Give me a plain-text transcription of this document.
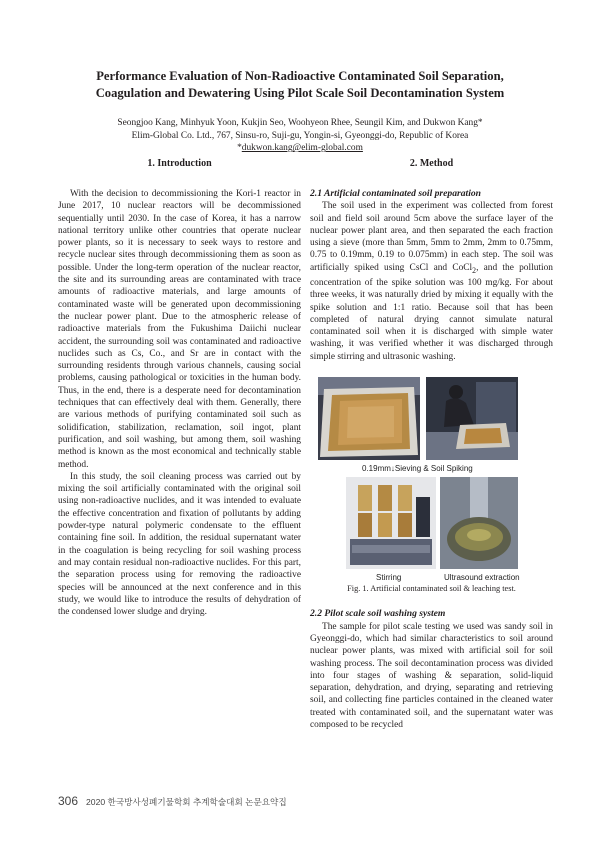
Performance Evaluation of Non-Radioactive Contaminated Soil Separation,
Coagulation and Dewatering Using Pilot Scale Soil Decontamination System
Seongjoo Kang, Minhyuk Yoon, Kukjin Seo, Woohyeon Rhee, Seungil Kim, and Dukwon Kang*
Elim-Global Co. Ltd., 767, Sinsu-ro, Suji-gu, Yongin-si, Gyeonggi-do, Republic of Korea
*dukwon.kang@elim-global.com
1. Introduction

With the decision to decommissioning the Kori-1 reactor in June 2017, 10 nuclear reactors will be decommissioned sequentially until 2030. In the case of Korea, it has a narrow national territory unlike other countries that operate nuclear power plants, so it is necessary to seek ways to restore and recycle nuclear sites through decommissioning them as soon as possible. Under the long-term operation of the nuclear reactor, the site and its surrounding areas are contaminated with trace amounts of radioactive materials, and large amounts of contaminated waste will be generated upon decommissioning the nuclear power plant. Due to the atmospheric release of radioactive materials from the Fukushima Daiichi nuclear accident, the surrounding soil was contaminated and radioactive nuclides such as Cs, Co., and Sr are in contact with the surrounding residents through various channels, causing social problems, causing pathological or toxicities in the human body. Thus, in the end, there is a desperate need for decontamination techniques that can effectively deal with them. Generally, there are various methods of purifying contaminated soil such as solidification, stabilization, reclamation, soil ingot, plant purification, and soil washing, but among them, soil washing method is known as the most economical and technically stable method.

In this study, the soil cleaning process was carried out by mixing the soil artificially contaminated with the original soil using non-radioactive nuclides, and it was intended to evaluate the effective concentration and fixation of pollutants by adding powder-type natural polymeric condensate to the effluent containing fine soil. In addition, the residual supernatant water in the coagulation is being recycling for soil washing process and may contain residual non-radioactive nuclides. For this part, the separation process using for removing the radioactive species will be announced at the next conference and in this study, we would like to introduce the results of dehydration of the condensed lower sludge and drying.

2. Method
2.1 Artificial contaminated soil preparation

The soil used in the experiment was collected from forest soil and field soil around 5cm above the surface layer of the nuclear power plant area, and then separated the each fraction using a sieve (more than 5mm, 5mm to 2mm, 2mm to 0.75mm, 0.75 to 0.19mm, 0.19 to 0.075mm) in each step. The soil was artificially spiked using CsCl and CoCl$_2$, and the pollution concentration of the spike solution was 100 mg/kg. For about three weeks, it was naturally dried by mixing it equally with the spike solution and 1:1 ratio. Because soil that has been completed of natural drying cannot simulate natural contaminated soil when it is discharged with simple water washing, it was verified whether it was discharged through simple stirring and ultrasonic washing.

0.19mm↓Sieving & Soil Spiking
Stirring	Ultrasound extraction
Fig. 1. Artificial contaminated soil & leaching test.
2.2 Pilot scale soil washing system

The sample for pilot scale testing we used was sandy soil in Gyeonggi-do, which had similar characteristics to soil around nuclear power plants, was mixed with artificial soil for soil washing process. The soil decontamination process was divided into four stages of washing & separation, solid-liquid separation, dehydration, and drying, separating and retrieving soil, and collecting fine particles contained in the cleaned water treated with contaminated soil, and the supernatant water was composed to be recycled

306 2020 한국방사성폐기물학회 추계학술대회 논문요약집
